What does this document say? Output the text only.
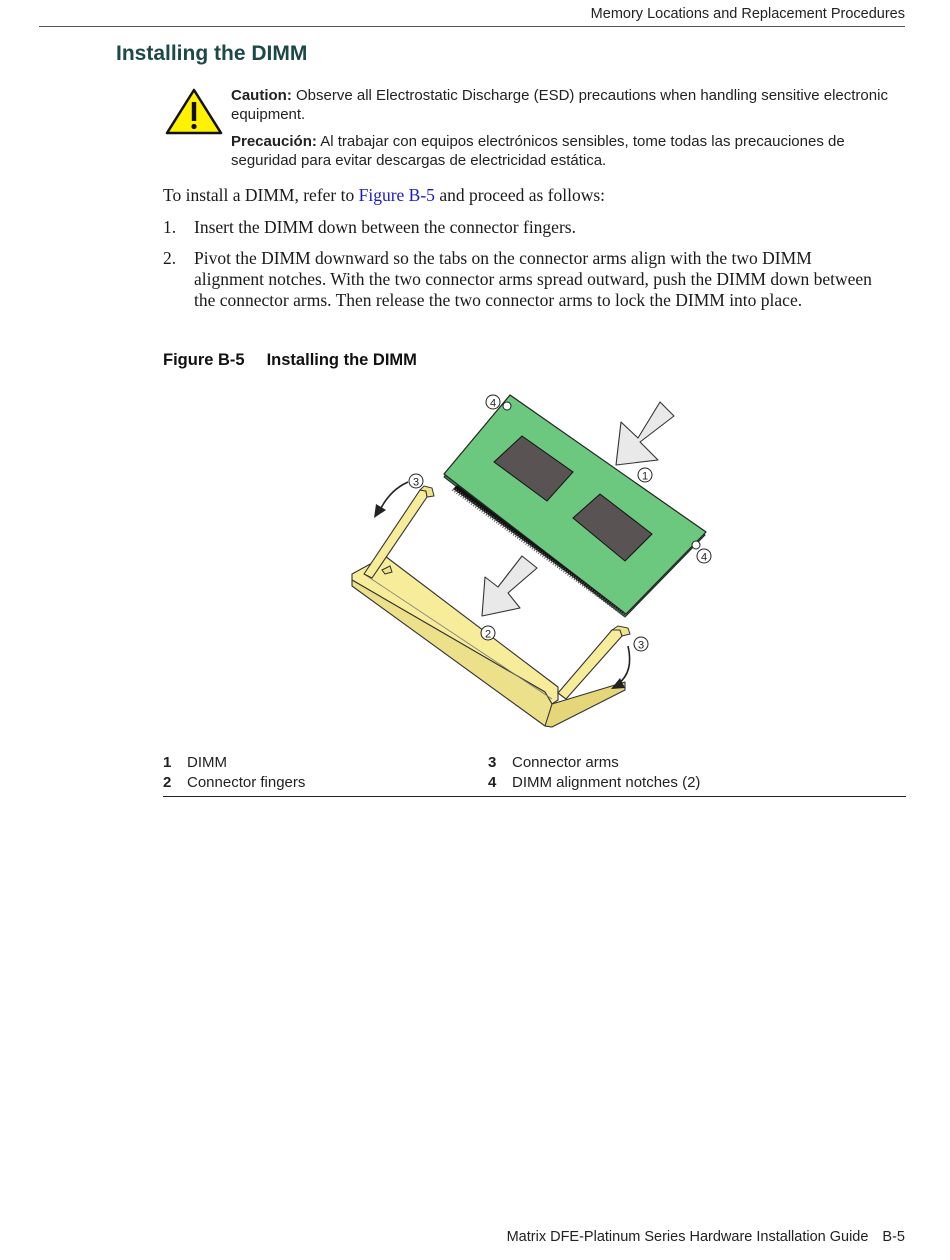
Memory Locations and Replacement Procedures
Installing the DIMM
Caution: Observe all Electrostatic Discharge (ESD) precautions when handling sensitive electronic equipment.
Precaución: Al trabajar con equipos electrónicos sensibles, tome todas las precauciones de seguridad para evitar descargas de electricidad estática.
To install a DIMM, refer to Figure B-5 and proceed as follows:
1. Insert the DIMM down between the connector fingers.
2. Pivot the DIMM downward so the tabs on the connector arms align with the two DIMM alignment notches. With the two connector arms spread outward, push the DIMM down between the connector arms. Then release the two connector arms to lock the DIMM into place.
Figure B-5 Installing the DIMM
1
2
3
3
4
4
1 DIMM
2 Connector fingers
3 Connector arms
4 DIMM alignment notches (2)
Matrix DFE-Platinum Series Hardware Installation Guide B-5
